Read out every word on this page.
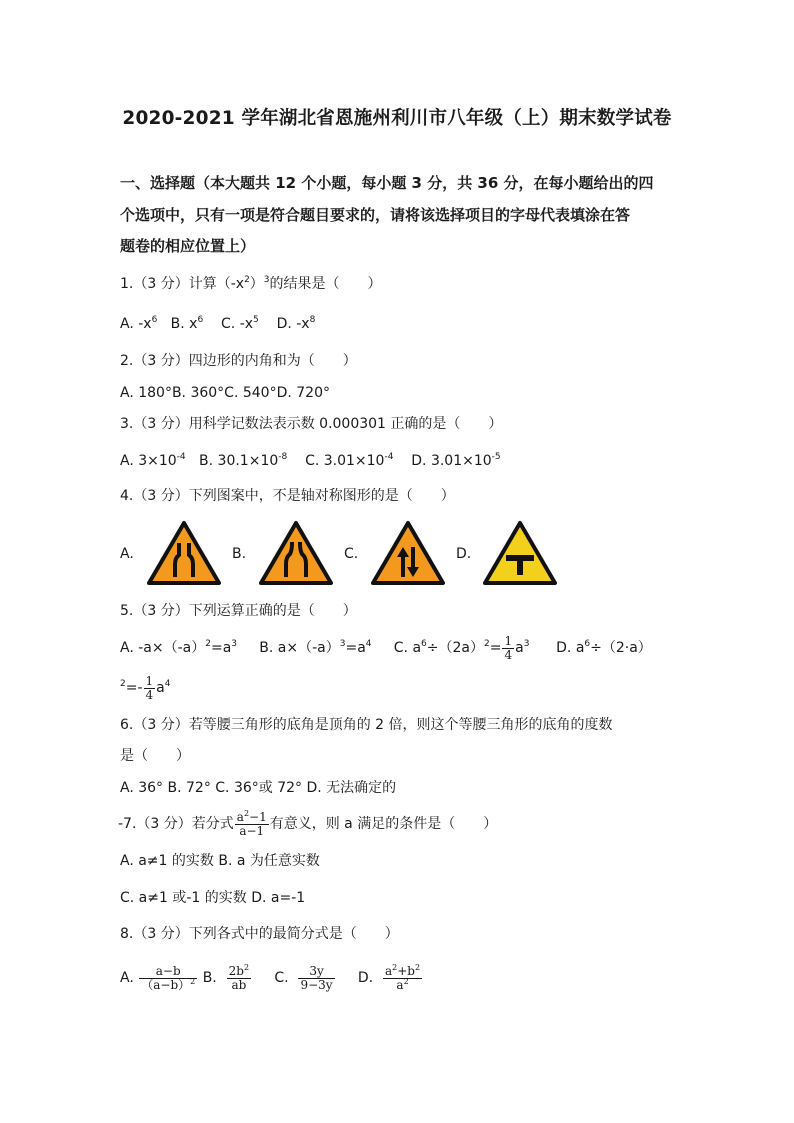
2020-2021 学年湖北省恩施州利川市八年级（上）期末数学试卷
一、选择题（本大题共 12 个小题，每小题 3 分，共 36 分，在每小题给出的四
个选项中，只有一项是符合题目要求的，请将该选择项目的字母代表填涂在答
题卷的相应位置上）
1.（3 分）计算$(-x^2)^3$的结果是（　　）
A. $-x^6$ B. $x^6$ C. $-x^5$ D. $-x^8$
2.（3 分）四边形的内角和为（　　）
A. 180°B. 360°C. 540°D. 720°
3.（3 分）用科学记数法表示数 0.000301 正确的是（　　）
A. $3\times 10^{-4}$ B. $30.1\times 10^{-8}$ C. $3.01\times 10^{-4}$ D. $3.01\times 10^{-5}$
4.（3 分）下列图案中，不是轴对称图形的是（　　）
A.	B.	C.	D.
5.（3 分）下列运算正确的是（　　）
A. $-a\times(-a)^2=a^3$ B. $a\times(-a)^3=a^4$ C. $a^6\div(2a)^2= \frac{1}{4} a^3$ D. $a^6\div(2\cdot a)$
$^2=- \frac{1}{4} a^4$
6.（3 分）若等腰三角形的底角是顶角的 2 倍，则这个等腰三角形的底角的度数
是（　　）
A. 36° B. 72° C. 36°或 72° D. 无法确定的
-7.（3 分）若分式 $\frac{a^2-1}{a-1}$ 有意义，则 a 满足的条件是（　　）
A. a≠1 的实数 B. a 为任意实数
C. a≠1 或-1 的实数 D. a=-1
8.（3 分）下列各式中的最简分式是（　　）
A. $\frac{a-b}{(a-b)^2} B$. $\frac{2b^2}{ab} C$. $\frac{3y}{9-3y} D$. $\frac{a^2+b^2}{a^2}$
